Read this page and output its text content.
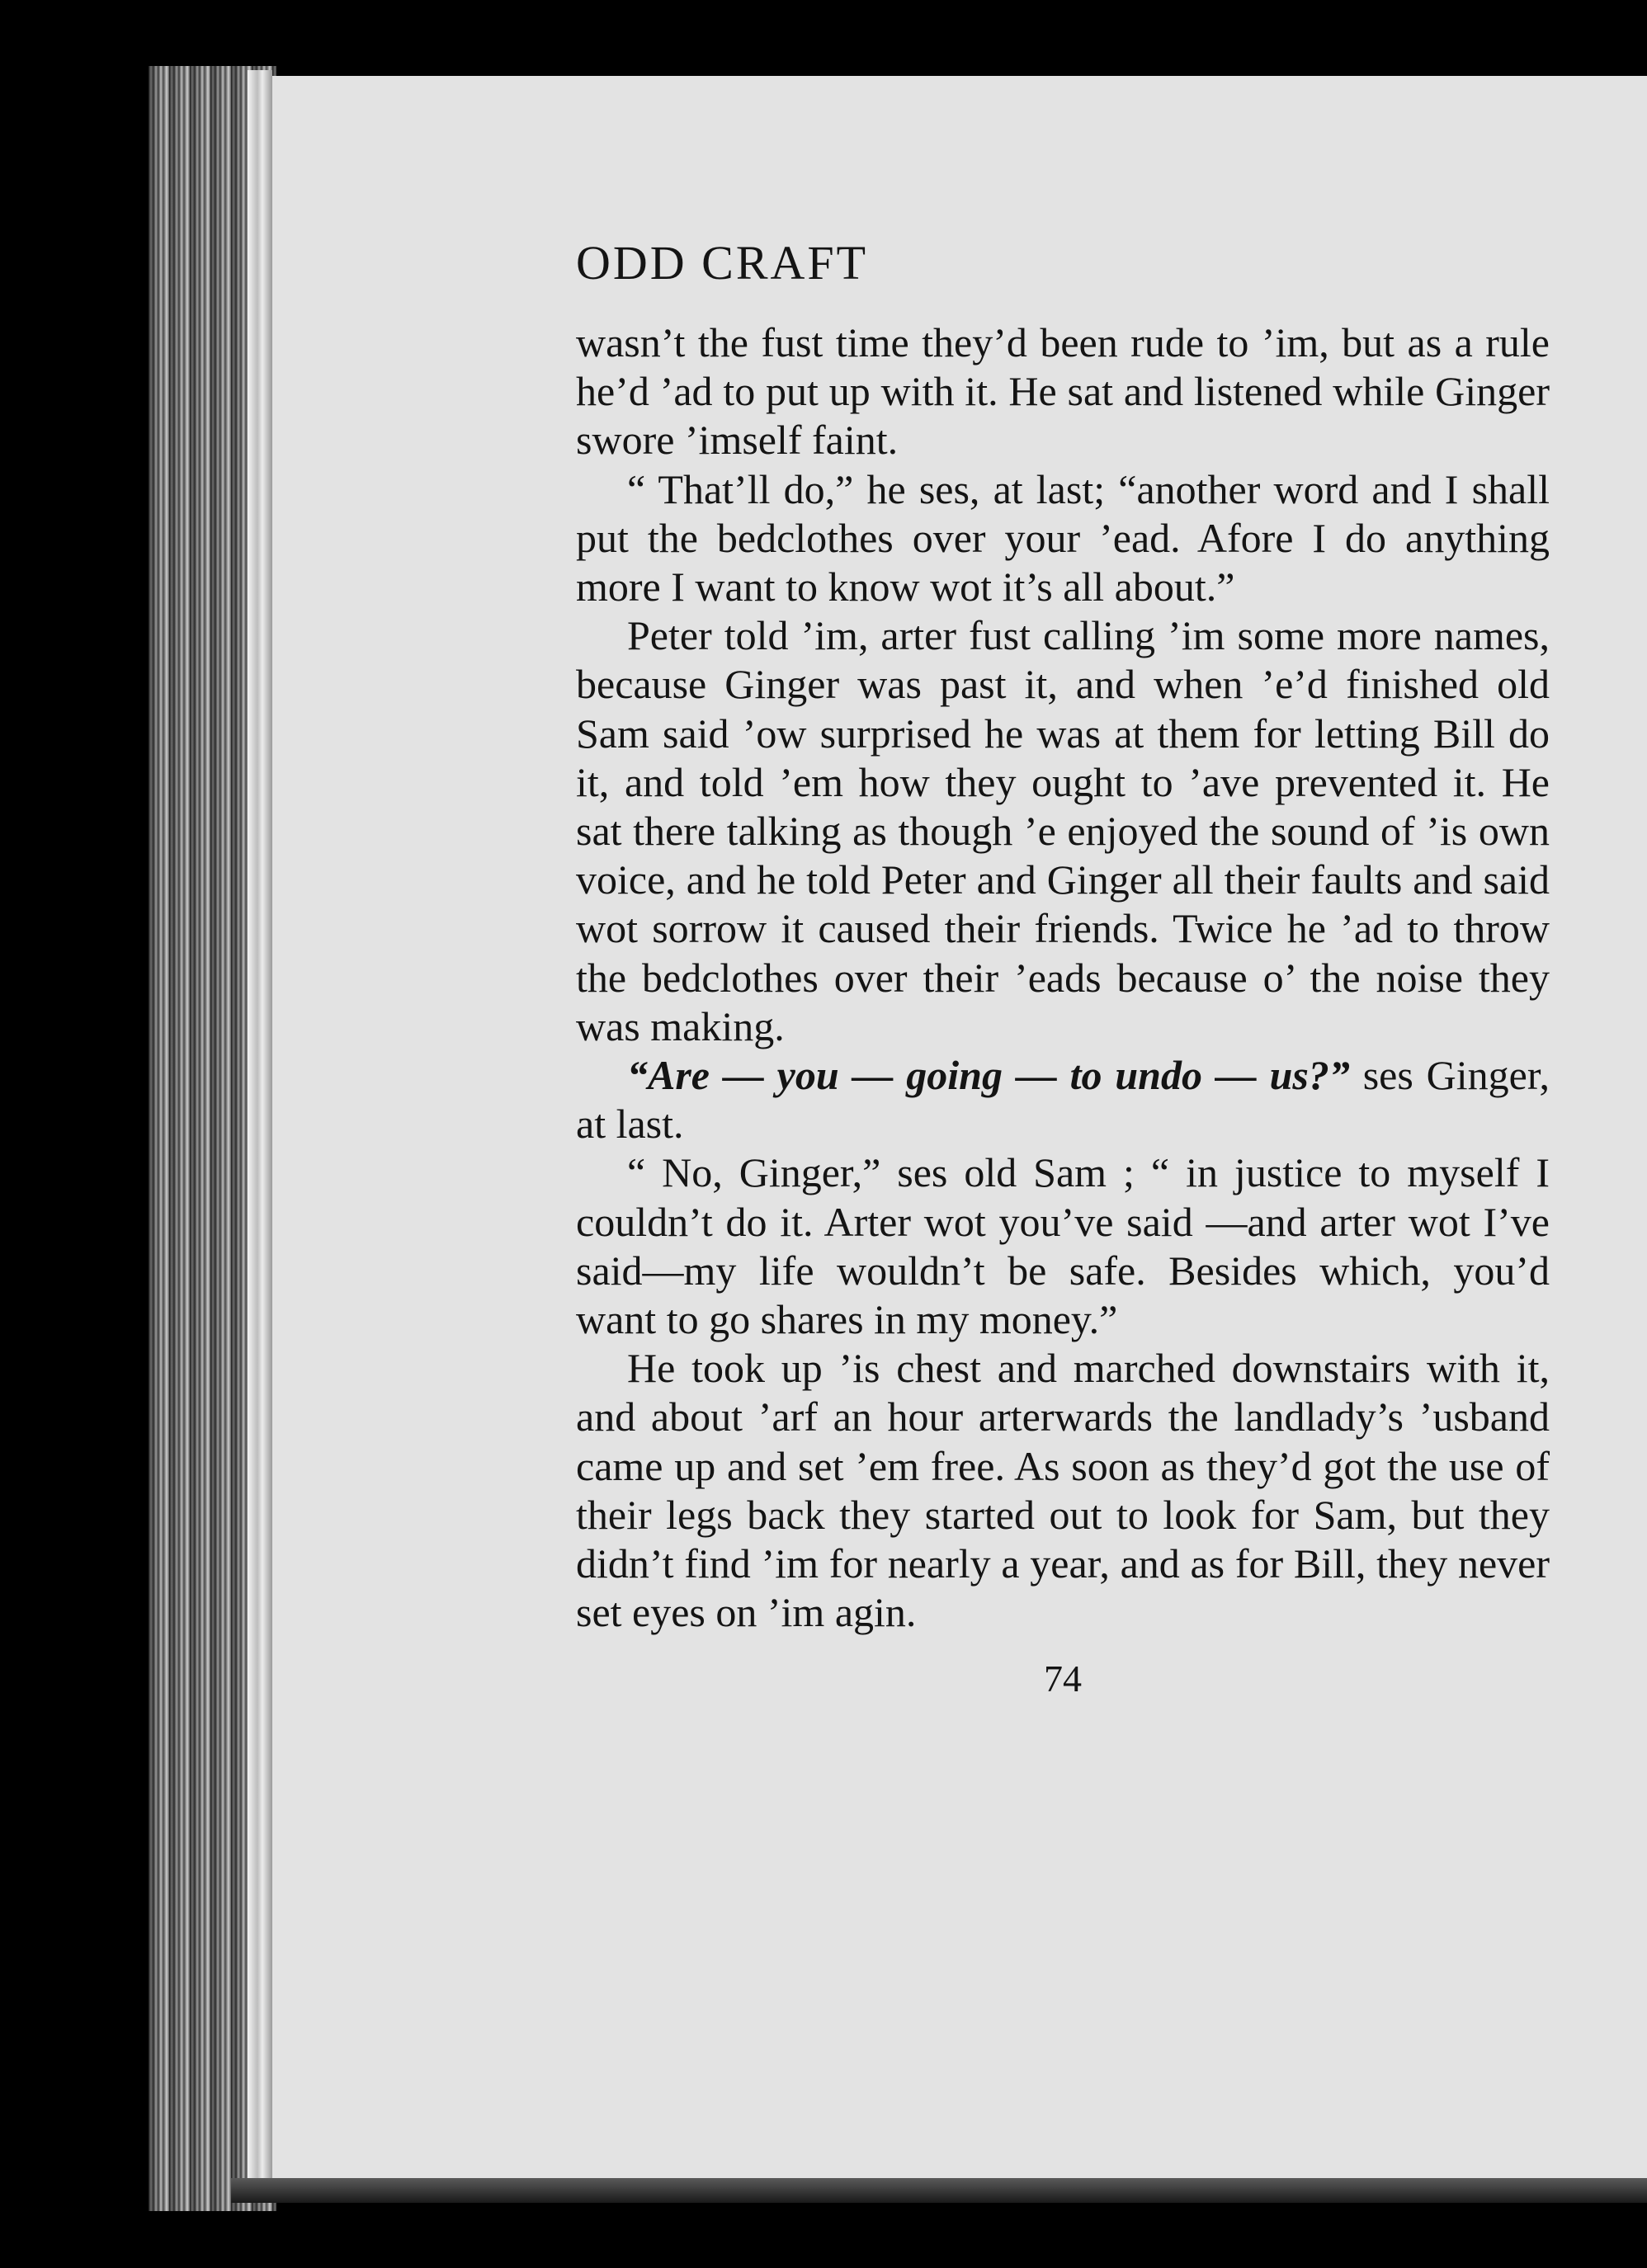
ODD CRAFT

wasn’t the fust time they’d been rude to ’im, but as a rule he’d ’ad to put up with it. He sat and listened while Ginger swore ’imself faint.

“ That’ll do,” he ses, at last; “another word and I shall put the bedclothes over your ’ead. Afore I do anything more I want to know wot it’s all about.”

Peter told ’im, arter fust calling ’im some more names, because Ginger was past it, and when ’e’d finished old Sam said ’ow surprised he was at them for letting Bill do it, and told ’em how they ought to ’ave prevented it. He sat there talking as though ’e enjoyed the sound of ’is own voice, and he told Peter and Ginger all their faults and said wot sorrow it caused their friends. Twice he ’ad to throw the bedclothes over their ’eads because o’ the noise they was making.

“Are — you — going — to undo — us?” ses Ginger, at last.

“ No, Ginger,” ses old Sam ; “ in justice to myself I couldn’t do it. Arter wot you’ve said —and arter wot I’ve said—my life wouldn’t be safe. Besides which, you’d want to go shares in my money.”

He took up ’is chest and marched downstairs with it, and about ’arf an hour arterwards the landlady’s ’usband came up and set ’em free. As soon as they’d got the use of their legs back they started out to look for Sam, but they didn’t find ’im for nearly a year, and as for Bill, they never set eyes on ’im agin.

74
